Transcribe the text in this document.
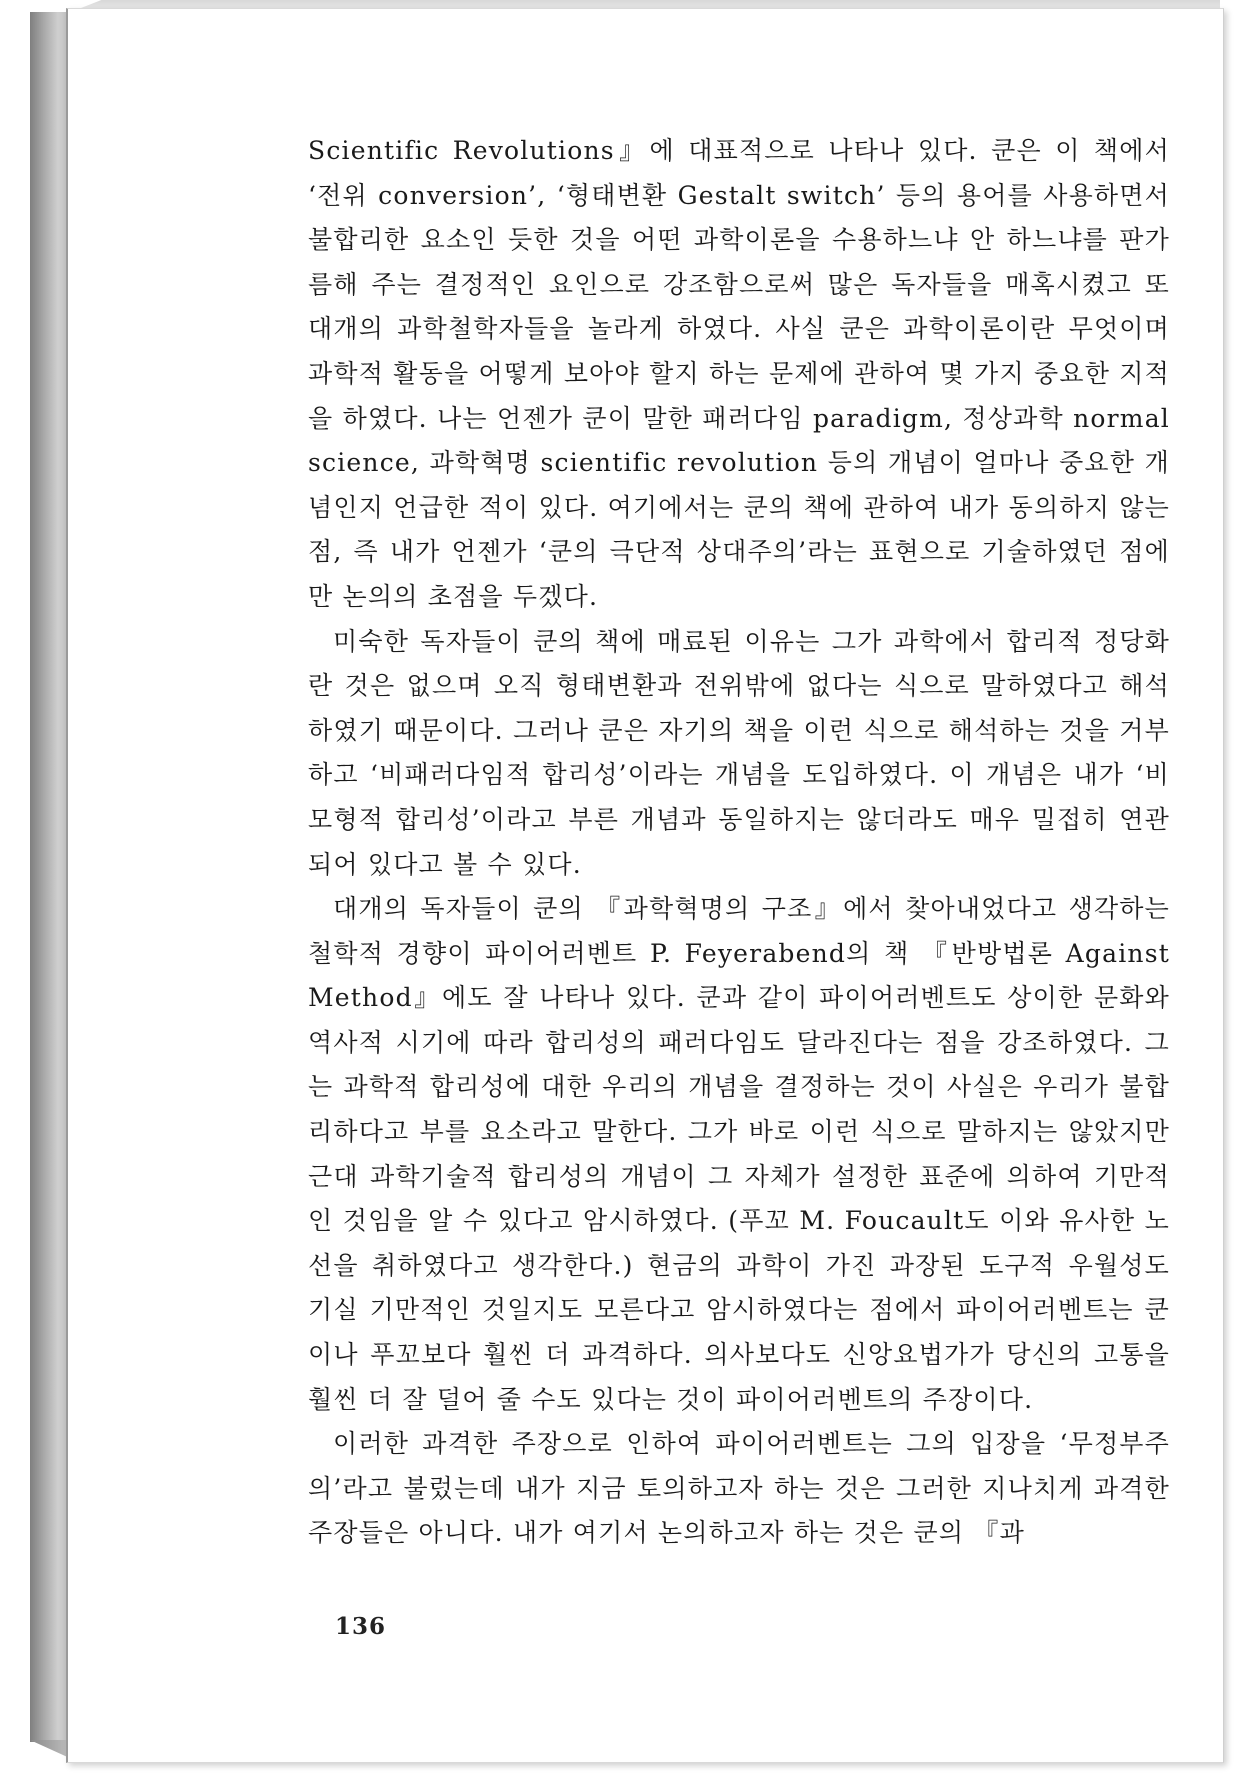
Scientific Revolutions』에 대표적으로 나타나 있다. 쿤은 이 책에서 ‘전위 conversion’, ‘형태변환 Gestalt switch’ 등의 용어를 사용하면서 불합리한 요소인 듯한 것을 어떤 과학이론을 수용하느냐 안 하느냐를 판가름해 주는 결정적인 요인으로 강조함으로써 많은 독자들을 매혹시켰고 또 대개의 과학철학자들을 놀라게 하였다. 사실 쿤은 과학이론이란 무엇이며 과학적 활동을 어떻게 보아야 할지 하는 문제에 관하여 몇 가지 중요한 지적을 하였다. 나는 언젠가 쿤이 말한 패러다임 paradigm, 정상과학 normal science, 과학혁명 scientific revolution 등의 개념이 얼마나 중요한 개념인지 언급한 적이 있다. 여기에서는 쿤의 책에 관하여 내가 동의하지 않는 점, 즉 내가 언젠가 ‘쿤의 극단적 상대주의’라는 표현으로 기술하였던 점에만 논의의 초점을 두겠다.

미숙한 독자들이 쿤의 책에 매료된 이유는 그가 과학에서 합리적 정당화란 것은 없으며 오직 형태변환과 전위밖에 없다는 식으로 말하였다고 해석하였기 때문이다. 그러나 쿤은 자기의 책을 이런 식으로 해석하는 것을 거부하고 ‘비패러다임적 합리성’이라는 개념을 도입하였다. 이 개념은 내가 ‘비모형적 합리성’이라고 부른 개념과 동일하지는 않더라도 매우 밀접히 연관되어 있다고 볼 수 있다.

대개의 독자들이 쿤의 『과학혁명의 구조』에서 찾아내었다고 생각하는 철학적 경향이 파이어러벤트 P. Feyerabend의 책 『반방법론 Against Method』에도 잘 나타나 있다. 쿤과 같이 파이어러벤트도 상이한 문화와 역사적 시기에 따라 합리성의 패러다임도 달라진다는 점을 강조하였다. 그는 과학적 합리성에 대한 우리의 개념을 결정하는 것이 사실은 우리가 불합리하다고 부를 요소라고 말한다. 그가 바로 이런 식으로 말하지는 않았지만 근대 과학기술적 합리성의 개념이 그 자체가 설정한 표준에 의하여 기만적인 것임을 알 수 있다고 암시하였다. (푸꼬 M. Foucault도 이와 유사한 노선을 취하였다고 생각한다.) 현금의 과학이 가진 과장된 도구적 우월성도 기실 기만적인 것일지도 모른다고 암시하였다는 점에서 파이어러벤트는 쿤이나 푸꼬보다 훨씬 더 과격하다. 의사보다도 신앙요법가가 당신의 고통을 훨씬 더 잘 덜어 줄 수도 있다는 것이 파이어러벤트의 주장이다.

이러한 과격한 주장으로 인하여 파이어러벤트는 그의 입장을 ‘무정부주의’라고 불렀는데 내가 지금 토의하고자 하는 것은 그러한 지나치게 과격한 주장들은 아니다. 내가 여기서 논의하고자 하는 것은 쿤의 『과

136
